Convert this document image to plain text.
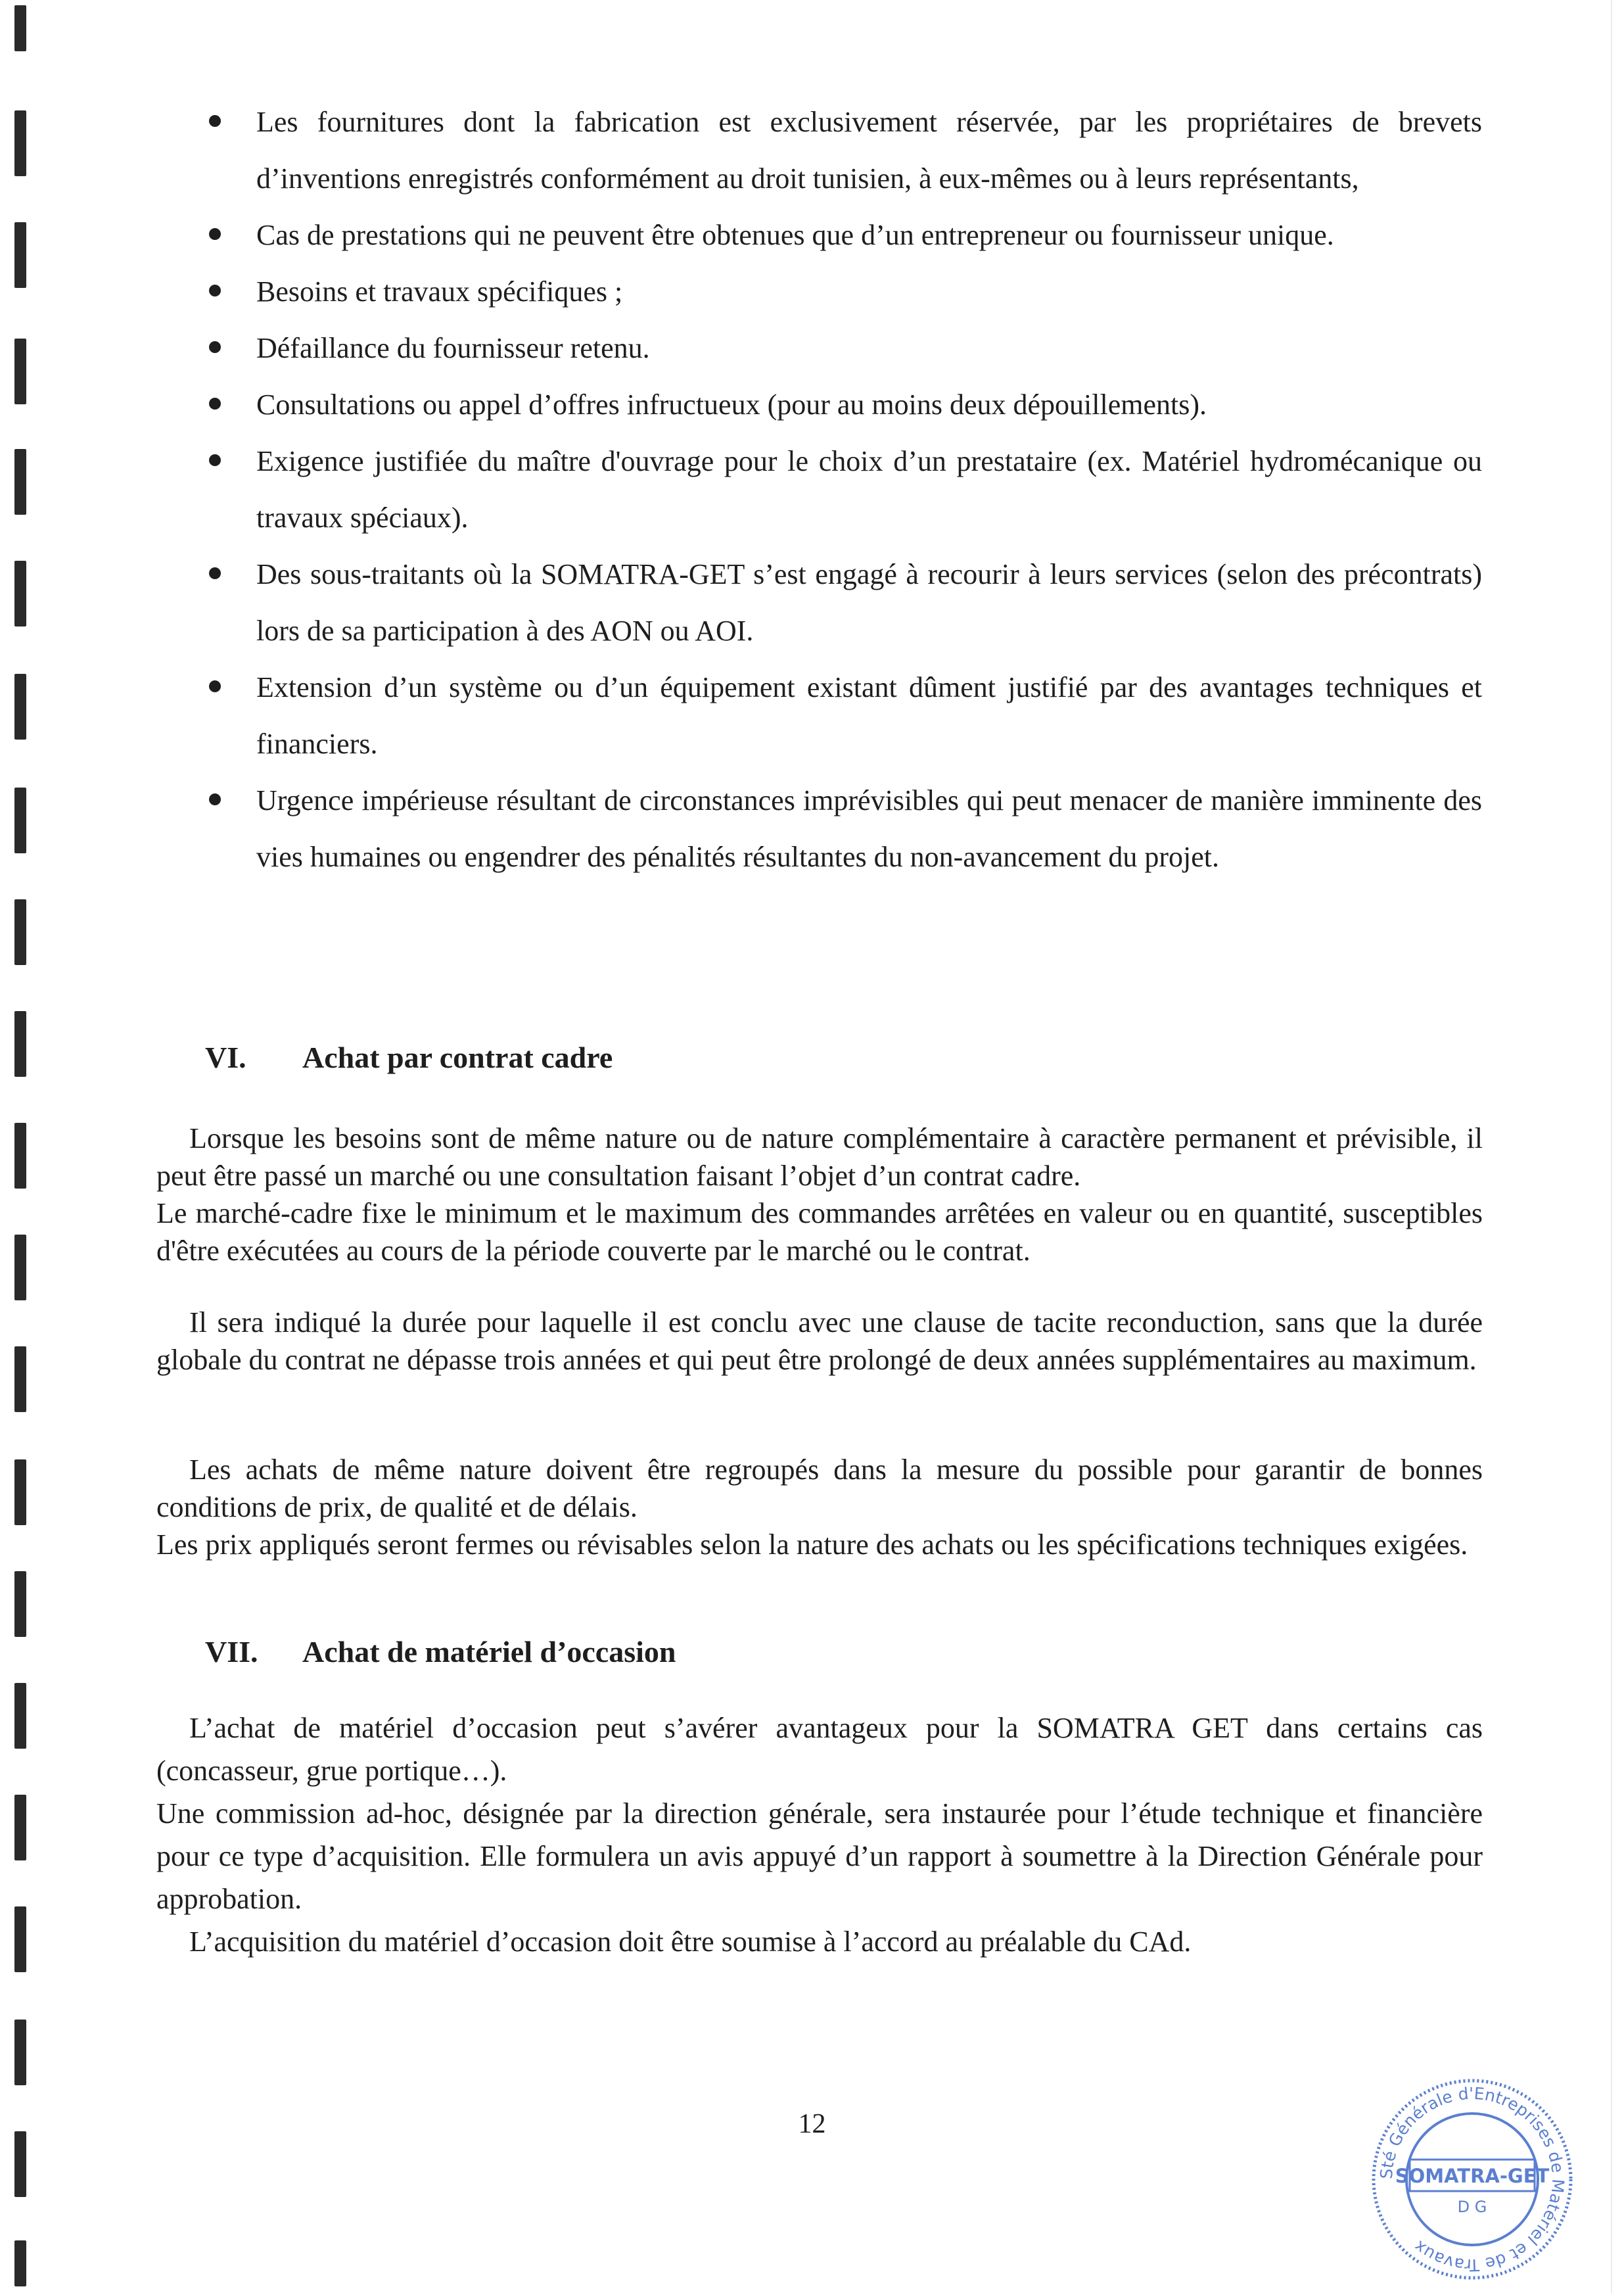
Les fournitures dont la fabrication est exclusivement réservée, par les propriétaires de brevets d’inventions enregistrés conformément au droit tunisien, à eux-mêmes ou à leurs représentants,
Cas de prestations qui ne peuvent être obtenues que d’un entrepreneur ou fournisseur unique.
Besoins et travaux spécifiques ;
Défaillance du fournisseur retenu.
Consultations ou appel d’offres infructueux (pour au moins deux dépouillements).
Exigence justifiée du maître d'ouvrage pour le choix d’un prestataire (ex. Matériel hydromécanique ou travaux spéciaux).
Des sous-traitants où la SOMATRA-GET s’est engagé à recourir à leurs services (selon des précontrats) lors de sa participation à des AON ou AOI.
Extension d’un système ou d’un équipement existant dûment justifié par des avantages techniques et financiers.
Urgence impérieuse résultant de circonstances imprévisibles qui peut menacer de manière imminente des vies humaines ou engendrer des pénalités résultantes du non-avancement du projet.
VI. Achat par contrat cadre

Lorsque les besoins sont de même nature ou de nature complémentaire à caractère permanent et prévisible, il peut être passé un marché ou une consultation faisant l’objet d’un contrat cadre.

Le marché-cadre fixe le minimum et le maximum des commandes arrêtées en valeur ou en quantité, susceptibles d'être exécutées au cours de la période couverte par le marché ou le contrat.

Il sera indiqué la durée pour laquelle il est conclu avec une clause de tacite reconduction, sans que la durée globale du contrat ne dépasse trois années et qui peut être prolongé de deux années supplémentaires au maximum.

Les achats de même nature doivent être regroupés dans la mesure du possible pour garantir de bonnes conditions de prix, de qualité et de délais.

Les prix appliqués seront fermes ou révisables selon la nature des achats ou les spécifications techniques exigées.

VII. Achat de matériel d’occasion

L’achat de matériel d’occasion peut s’avérer avantageux pour la SOMATRA GET dans certains cas (concasseur, grue portique…).

Une commission ad-hoc, désignée par la direction générale, sera instaurée pour l’étude technique et financière pour ce type d’acquisition. Elle formulera un avis appuyé d’un rapport à soumettre à la Direction Générale pour approbation.

L’acquisition du matériel d’occasion doit être soumise à l’accord au préalable du CAd.

12
Sté Générale d'Entreprises de Matériel et de Travaux
SOMATRA-GET
D G
